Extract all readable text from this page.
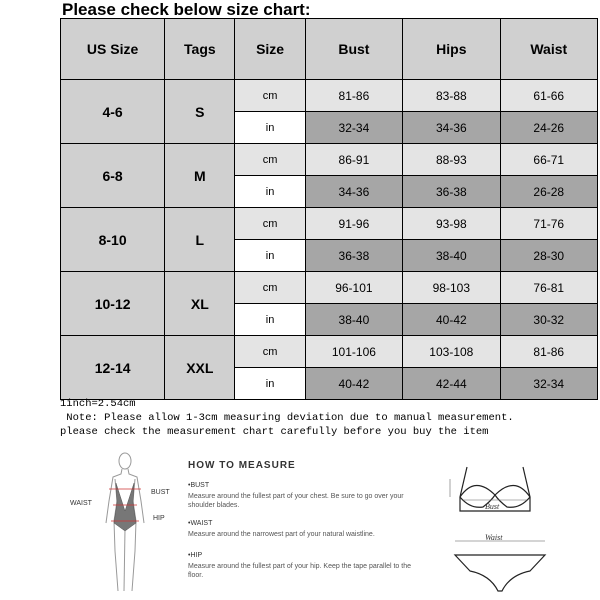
Please check below size chart:
US Size	Tags	Size	Bust	Hips	Waist
4-6	S	cm	81-86	83-88	61-66
		in	32-34	34-36	24-26
6-8	M	cm	86-91	88-93	66-71
		in	34-36	36-38	26-28
8-10	L	cm	91-96	93-98	71-76
		in	36-38	38-40	28-30
10-12	XL	cm	96-101	98-103	76-81
		in	38-40	40-42	30-32
12-14	XXL	cm	101-106	103-108	81-86
		in	40-42	42-44	32-34
1inch=2.54cm
Note: Please allow 1-3cm measuring deviation due to manual measurement.
please check the measurement chart carefully before you buy the item
WAIST
BUST
HIP
HOW TO MEASURE
•BUST
Measure around the fullest part of your chest. Be sure to go over your shoulder blades.
•WAIST
Measure around the narrowest part of your natural waistline.
•HIP
Measure around the fullest part of your hip. Keep the tape parallel to the floor.
Bust
Waist
